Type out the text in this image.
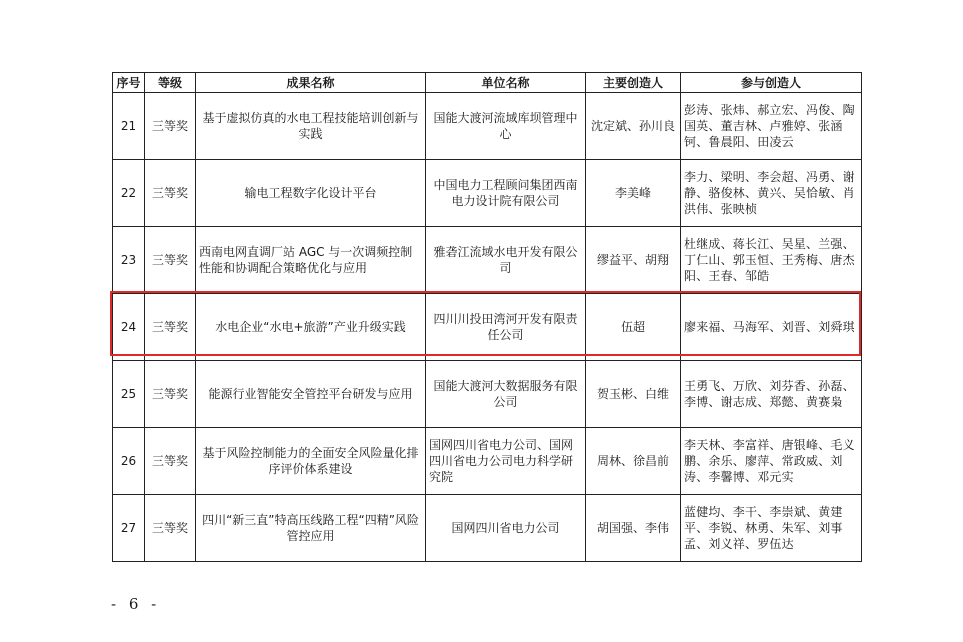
序号	等级	成果名称	单位名称	主要创造人	参与创造人
21	三等奖	基于虚拟仿真的水电工程技能培训创新与实践	国能大渡河流域库坝管理中心	沈定斌、孙川良	彭涛、张炜、郝立宏、冯俊、陶国英、董吉林、卢雅婷、张涵钶、鲁晨阳、田凌云
22	三等奖	输电工程数字化设计平台	中国电力工程顾问集团西南电力设计院有限公司	李美峰	李力、梁明、李会超、冯勇、谢静、骆俊林、黄兴、吴恰敏、肖洪伟、张映桢
23	三等奖	西南电网直调厂站 AGC 与一次调频控制性能和协调配合策略优化与应用	雅砻江流域水电开发有限公司	缪益平、胡翔	杜继成、蒋长江、吴星、兰强、丁仁山、郭玉恒、王秀梅、唐杰阳、王春、邹皓
24	三等奖	水电企业“水电+旅游”产业升级实践	四川川投田湾河开发有限责任公司	伍超	廖来福、马海军、刘晋、刘舜琪
25	三等奖	能源行业智能安全管控平台研发与应用	国能大渡河大数据服务有限公司	贺玉彬、白维	王勇飞、万欣、刘芬香、孙磊、李博、谢志成、郑懿、黄赛枭
26	三等奖	基于风险控制能力的全面安全风险量化排序评价体系建设	国网四川省电力公司、国网四川省电力公司电力科学研究院	周林、徐昌前	李天林、李富祥、唐银峰、毛义鹏、余乐、廖萍、常政威、刘涛、李馨博、邓元实
27	三等奖	四川“新三直”特高压线路工程“四精”风险管控应用	国网四川省电力公司	胡国强、李伟	蓝健均、李干、李崇斌、黄建平、李锐、林勇、朱军、刘事孟、刘义祥、罗伍达
- 6 -
